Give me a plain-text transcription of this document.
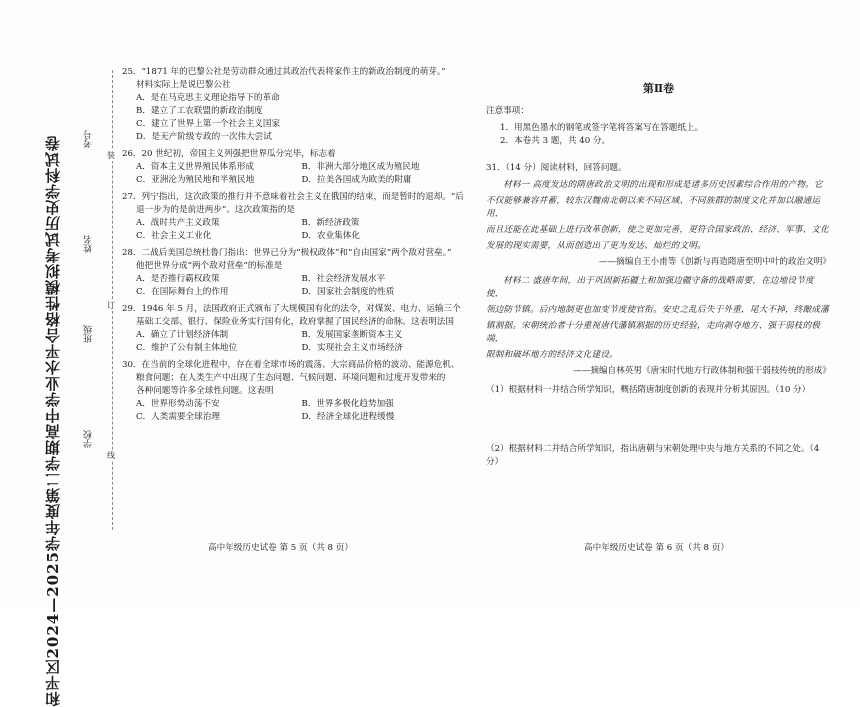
和平区2024—2025学年度第二学期高中学业水平合格性模拟考试历史学科试卷 学校
班级
姓名
考号
装
订
线

25．“1871 年的巴黎公社是劳动群众通过其政治代表将家作主的新政治制度的萌芽。”

材料实际上是说巴黎公社

A．是在马克思主义理论指导下的革命

B．建立了工农联盟的新政治制度

C．建立了世界上第一个社会主义国家

D．是无产阶级专政的一次伟大尝试

26．20 世纪初，帝国主义列强把世界瓜分完毕，标志着

A．资本主义世界殖民体系形成	B．非洲大部分地区成为殖民地

C．亚洲沦为殖民地和半殖民地	D．拉美各国成为欧美的附庸

27．列宁指出，这次政策的推行并不意味着社会主义在俄国的结束，而是暂时的退却。“后

退一步为的是前进两步”。这次政策指的是

A．战时共产主义政策	B．新经济政策

C．社会主义工业化	D．农业集体化

28．二战后美国总统杜鲁门指出：世界已分为“极权政体”和“自由国家”两个敌对营垒。”

他把世界分成“两个敌对营垒”的标准是

A．是否推行霸权政策	B．社会经济发展水平

C．在国际舞台上的作用	D．国家社会制度的性质

29．1946 年 5 月，法国政府正式颁布了大规模国有化的法令，对煤炭、电力、运输三个

基础工交部、银行、保险业务实行国有化，政府掌握了国民经济的命脉。这表明法国

A．确立了计划经济体制	B．发展国家垄断资本主义

C．维护了公有制主体地位	D．实现社会主义市场经济

30．在当前的全球化进程中，存在着全球市场的震荡、大宗商品价格的波动、能源危机、

粮食问题；在人类生产中出现了生态问题、气候问题、环境问题和过度开发带来的

各种问题等许多全球性问题。这表明

A．世界形势动荡不安	B．世界多极化趋势加强

C．人类需要全球治理	D．经济全球化进程缓慢

第Ⅱ卷
注意事项：
1．用黑色墨水的钢笔或签字笔将答案写在答题纸上。
2．本卷共 3 题，共 40 分。
31．（14 分）阅读材料，回答问题。
材料一 高度发达的隋唐政治文明的出现和形成是诸多历史因素综合作用的产物。它
不仅能够兼容并蓄，较东汉魏南北朝以来不同区域、不同族群的制度文化并加以融通运用，
而且还能在此基础上进行改革创新，使之更加完善，更符合国家政治、经济、军事、文化
发展的现实需要，从而创造出了更为发达、灿烂的文明。
——摘编自王小甫等《创新与再造隋唐至明中叶的政治文明》
材料二 盛唐年间，出于巩固新拓疆土和加强边疆守备的战略需要，在边地设节度使，
领边防节镇。后内地制更也加变节度使官衔。安史之乱后失于外重，尾大不掉，终酿成藩
镇割据。宋朝统治者十分重视唐代藩镇割据的历史经验，走向剥夺地方、强干弱枝的极端，
限制和破坏地方的经济文化建设。
——摘编自林英男《唐宋时代地方行政体制和强干弱枝传统的形成》
（1）根据材料一并结合所学知识，概括隋唐制度创新的表现并分析其原因。（10 分）
（2）根据材料二并结合所学知识，指出唐朝与宋朝处理中央与地方关系的不同之处。（4
分）
高中年级历史试卷 第 5 页（共 8 页）	高中年级历史试卷 第 6 页（共 8 页）
